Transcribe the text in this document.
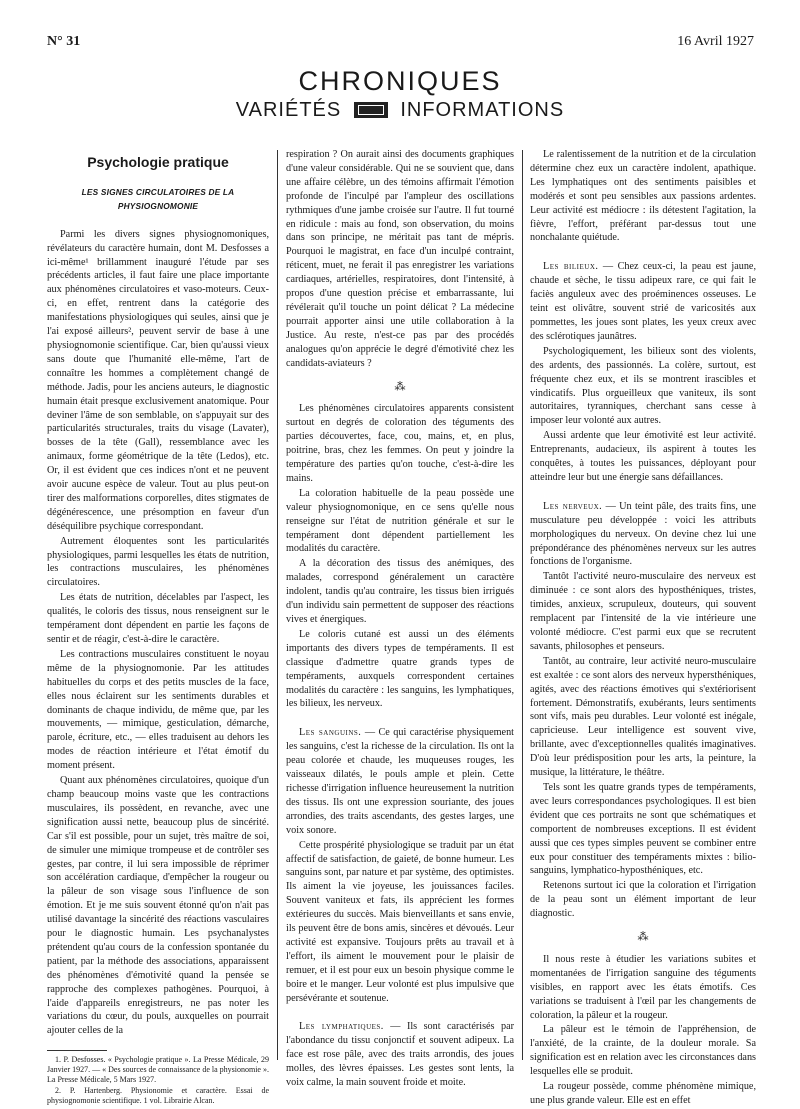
N° 31	16 Avril 1927
CHRONIQUES
VARIÉTÉS	INFORMATIONS
Psychologie pratique
LES SIGNES CIRCULATOIRES DE LA PHYSIOGNOMONIE

Parmi les divers signes physiognomoniques, révélateurs du caractère humain, dont M. Desfosses a ici-même¹ brillamment inauguré l'étude par ses précédents articles, il faut faire une place importante aux phénomènes circulatoires et vaso-moteurs. Ceux-ci, en effet, rentrent dans la catégorie des manifestations physiologiques qui seules, ainsi que je l'ai exposé ailleurs², peuvent servir de base à une physiognomonie scientifique. Car, bien qu'aussi vieux sans doute que l'humanité elle-même, l'art de connaître les hommes a complètement changé de méthode. Jadis, pour les anciens auteurs, le diagnostic humain était presque exclusivement anatomique. Pour deviner l'âme de son semblable, on s'appuyait sur des particularités structurales, traits du visage (Lavater), bosses de la tête (Gall), ressemblance avec les animaux, forme géométrique de la tête (Ledos), etc. Or, il est évident que ces indices n'ont et ne peuvent avoir aucune espèce de valeur. Tout au plus peut-on tirer des malformations corporelles, dites stigmates de dégénérescence, une présomption en faveur d'un déséquilibre psychique correspondant.

Autrement éloquentes sont les particularités physiologiques, parmi lesquelles les états de nutrition, les contractions musculaires, les phénomènes circulatoires.

Les états de nutrition, décelables par l'aspect, les qualités, le coloris des tissus, nous renseignent sur le tempérament dont dépendent en partie les façons de sentir et de réagir, c'est-à-dire le caractère.

Les contractions musculaires constituent le noyau même de la physiognomonie. Par les attitudes habituelles du corps et des petits muscles de la face, elles nous éclairent sur les sentiments durables et dominants de chaque individu, de même que, par les mouvements, — mimique, gesticulation, démarche, parole, écriture, etc., — elles traduisent au dehors les modes de réaction intérieure et l'état émotif du moment présent.

Quant aux phénomènes circulatoires, quoique d'un champ beaucoup moins vaste que les contractions musculaires, ils possèdent, en revanche, avec une signification aussi nette, beaucoup plus de sincérité. Car s'il est possible, pour un sujet, très maître de soi, de simuler une mimique trompeuse et de contrôler ses gestes, par contre, il lui sera impossible de réprimer son accélération cardiaque, d'empêcher la rougeur ou la pâleur de son visage sous l'influence de son émotion. Et je me suis souvent étonné qu'on n'ait pas utilisé davantage la sincérité des réactions vasculaires pour le diagnostic humain. Les psychanalystes prétendent qu'au cours de la confession spontanée du patient, par la méthode des associations, apparaissent des phénomènes d'émotivité quand la pensée se rapproche des complexes pathogènes. Pourquoi, à l'aide d'appareils enregistreurs, ne pas noter les variations du cœur, du pouls, auxquelles on pourrait ajouter celles de la

1. P. Desfosses. « Psychologie pratique ». La Presse Médicale, 29 Janvier 1927. — « Des sources de connaissance de la physionomie ». La Presse Médicale, 5 Mars 1927.

2. P. Hartenberg. Physionomie et caractère. Essai de physiognomonie scientifique. 1 vol. Librairie Alcan.

respiration ? On aurait ainsi des documents graphiques d'une valeur considérable. Qui ne se souvient que, dans une affaire célèbre, un des témoins affirmait l'émotion profonde de l'inculpé par l'ampleur des oscillations rythmiques d'une jambe croisée sur l'autre. Il fut tourné en ridicule : mais au fond, son observation, du moins dans son principe, ne méritait pas tant de mépris. Pourquoi le magistrat, en face d'un inculpé contraint, réticent, muet, ne ferait il pas enregistrer les variations cardiaques, artérielles, respiratoires, dont l'intensité, à propos d'une question précise et embarrassante, lui révélerait qu'il touche un point délicat ? La médecine pourrait apporter ainsi une utile collaboration à la Justice. Au reste, n'est-ce pas par des procédés analogues qu'on apprécie le degré d'émotivité chez les candidats-aviateurs ?

⁂

Les phénomènes circulatoires apparents consistent surtout en degrés de coloration des téguments des parties découvertes, face, cou, mains, et, en plus, poitrine, bras, chez les femmes. On peut y joindre la température des parties qu'on touche, c'est-à-dire les mains.

La coloration habituelle de la peau possède une valeur physiognomonique, en ce sens qu'elle nous renseigne sur l'état de nutrition générale et sur le tempérament dont dépendent partiellement les modalités du caractère.

A la décoration des tissus des anémiques, des malades, correspond généralement un caractère indolent, tandis qu'au contraire, les tissus bien irrigués d'un individu sain permettent de supposer des réactions vives et énergiques.

Le coloris cutané est aussi un des éléments importants des divers types de tempéraments. Il est classique d'admettre quatre grands types de tempéraments, auxquels correspondent certaines modalités du caractère : les sanguins, les lymphatiques, les bilieux, les nerveux.

Les sanguins. — Ce qui caractérise physiquement les sanguins, c'est la richesse de la circulation. Ils ont la peau colorée et chaude, les muqueuses rouges, les vaisseaux dilatés, le pouls ample et plein. Cette richesse d'irrigation influence heureusement la nutrition des tissus. Ils ont une expression souriante, des joues arrondies, des traits ascendants, des gestes larges, une voix sonore.

Cette prospérité physiologique se traduit par un état affectif de satisfaction, de gaieté, de bonne humeur. Les sanguins sont, par nature et par système, des optimistes. Ils aiment la vie joyeuse, les jouissances faciles. Souvent vaniteux et fats, ils apprécient les formes extérieures du succès. Mais bienveillants et sans envie, ils peuvent être de bons amis, sincères et dévoués. Leur activité est expansive. Toujours prêts au travail et à l'effort, ils aiment le mouvement pour le plaisir de remuer, et il est pour eux un besoin physique comme le boire et le manger. Leur volonté est plus impulsive que persévérante et soutenue.

Les lymphatiques. — Ils sont caractérisés par l'abondance du tissu conjonctif et souvent adipeux. La face est rose pâle, avec des traits arrondis, des joues molles, des lèvres épaisses. Les gestes sont lents, la voix calme, la main souvent froide et moite.

Le ralentissement de la nutrition et de la circulation détermine chez eux un caractère indolent, apathique. Les lymphatiques ont des sentiments paisibles et modérés et sont peu sensibles aux passions ardentes. Leur activité est médiocre : ils détestent l'agitation, la fièvre, l'effort, préférant par-dessus tout une nonchalante quiétude.

Les bilieux. — Chez ceux-ci, la peau est jaune, chaude et sèche, le tissu adipeux rare, ce qui fait le faciès anguleux avec des proéminences osseuses. Le teint est olivâtre, souvent strié de varicosités aux pommettes, les joues sont plates, les yeux creux avec des sclérotiques jaunâtres.

Psychologiquement, les bilieux sont des violents, des ardents, des passionnés. La colère, surtout, est fréquente chez eux, et ils se montrent irascibles et vindicatifs. Plus orgueilleux que vaniteux, ils sont autoritaires, tyranniques, cherchant sans cesse à imposer leur volonté aux autres.

Aussi ardente que leur émotivité est leur activité. Entreprenants, audacieux, ils aspirent à toutes les conquêtes, à toutes les puissances, déployant pour atteindre leur but une énergie sans défaillances.

Les nerveux. — Un teint pâle, des traits fins, une musculature peu développée : voici les attributs morphologiques du nerveux. On devine chez lui une prépondérance des phénomènes nerveux sur les autres fonctions de l'organisme.

Tantôt l'activité neuro-musculaire des nerveux est diminuée : ce sont alors des hyposthéniques, tristes, timides, anxieux, scrupuleux, douteurs, qui souvent remplacent par l'intensité de la vie intérieure une volonté médiocre. C'est parmi eux que se recrutent savants, philosophes et penseurs.

Tantôt, au contraire, leur activité neuro-musculaire est exaltée : ce sont alors des nerveux hypersthéniques, agités, avec des réactions émotives qui s'extériorisent fortement. Démonstratifs, exubérants, leurs sentiments sont vifs, mais peu durables. Leur volonté est inégale, capricieuse. Leur intelligence est souvent vive, brillante, avec d'exceptionnelles qualités imaginatives. D'où leur prédisposition pour les arts, la peinture, la musique, la littérature, le théâtre.

Tels sont les quatre grands types de tempéraments, avec leurs correspondances psychologiques. Il est bien évident que ces portraits ne sont que schématiques et comportent de nombreuses exceptions. Il est évident aussi que ces types simples peuvent se combiner entre eux pour constituer des tempéraments mixtes : bilio-sanguins, lymphatico-hyposthéniques, etc.

Retenons surtout ici que la coloration et l'irrigation de la peau sont un élément important de leur diagnostic.

⁂

Il nous reste à étudier les variations subites et momentanées de l'irrigation sanguine des téguments visibles, en rapport avec les états émotifs. Ces variations se traduisent à l'œil par les changements de coloration, la pâleur et la rougeur.

La pâleur est le témoin de l'appréhension, de l'anxiété, de la crainte, de la douleur morale. Sa signification est en relation avec les circonstances dans lesquelles elle se produit.

La rougeur possède, comme phénomène mimique, une plus grande valeur. Elle est en effet
